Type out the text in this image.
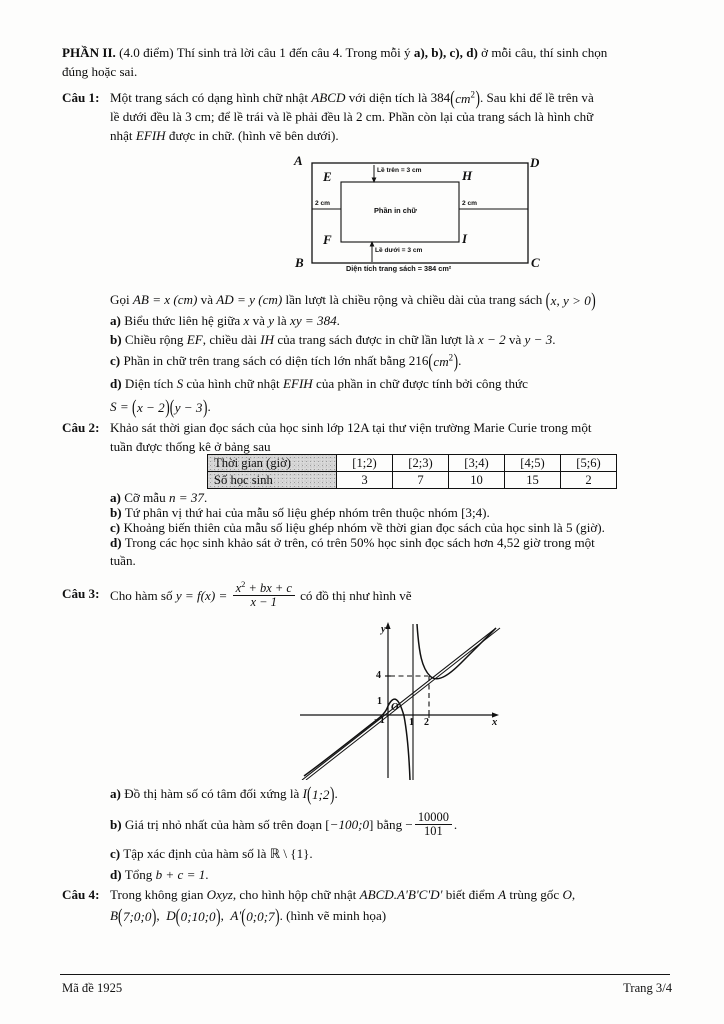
PHẦN II. (4.0 điểm) Thí sinh trả lời câu 1 đến câu 4. Trong mỗi ý a), b), c), d) ở mỗi câu, thí sinh chọn
đúng hoặc sai.
Câu 1: Một trang sách có dạng hình chữ nhật ABCD với diện tích là 384 ( $cm^2$ ) . Sau khi để lề trên và
lề dưới đều là 3 cm; để lề trái và lề phải đều là 2 cm. Phần còn lại của trang sách là hình chữ
nhật EFIH được in chữ. (hình vẽ bên dưới).
A	D
B	C
E	H
F	I
Lề trên = 3 cm
Lề dưới = 3 cm
2 cm	2 cm
Phần in chữ
Diện tích trang sách = 384 cm²
Gọi AB = x (cm) và AD = y (cm) lần lượt là chiều rộng và chiều dài của trang sách ( x, y > 0 )
a) Biểu thức liên hệ giữa x và y là xy = 384.
b) Chiều rộng EF, chiều dài IH của trang sách được in chữ lần lượt là x − 2 và y − 3.
c) Phần in chữ trên trang sách có diện tích lớn nhất bằng 216 ( $cm^2$ ) .
d) Diện tích S của hình chữ nhật EFIH của phần in chữ được tính bởi công thức
S = ( x − 2 ) ( y − 3 ) .
Câu 2: Khảo sát thời gian đọc sách của học sinh lớp 12A tại thư viện trường Marie Curie trong một
tuần được thống kê ở bảng sau
Thời gian (giờ)	[1;2)	[2;3)	[3;4)	[4;5)	[5;6)
Số học sinh	3	7	10	15	2
a) Cỡ mẫu n = 37.
b) Tứ phân vị thứ hai của mẫu số liệu ghép nhóm trên thuộc nhóm [3;4).
c) Khoảng biến thiên của mẫu số liệu ghép nhóm về thời gian đọc sách của học sinh là 5 (giờ).
d) Trong các học sinh khảo sát ở trên, có trên 50% học sinh đọc sách hơn 4,52 giờ trong một
tuần.
Câu 3: Cho hàm số $y = f(x) = \frac{x^2 + bx + c}{x - 1}$ có đồ thị như hình vẽ
y
x
4
1
1 2
−1
O
a) Đồ thị hàm số có tâm đối xứng là I ( 1;2 ) .
b) Giá trị nhỏ nhất của hàm số trên đoạn [−100;0] bằng − $\frac{10000}{101}$ .
c) Tập xác định của hàm số là ℝ \ {1}.
d) Tổng b + c = 1.
Câu 4: Trong không gian Oxyz, cho hình hộp chữ nhật ABCD.A'B'C'D' biết điểm A trùng gốc O,
B ( 7;0;0 ) ,  D ( 0;10;0 ) ,  A' ( 0;0;7 ) . (hình vẽ minh họa)
Mã đề 1925	Trang 3/4
